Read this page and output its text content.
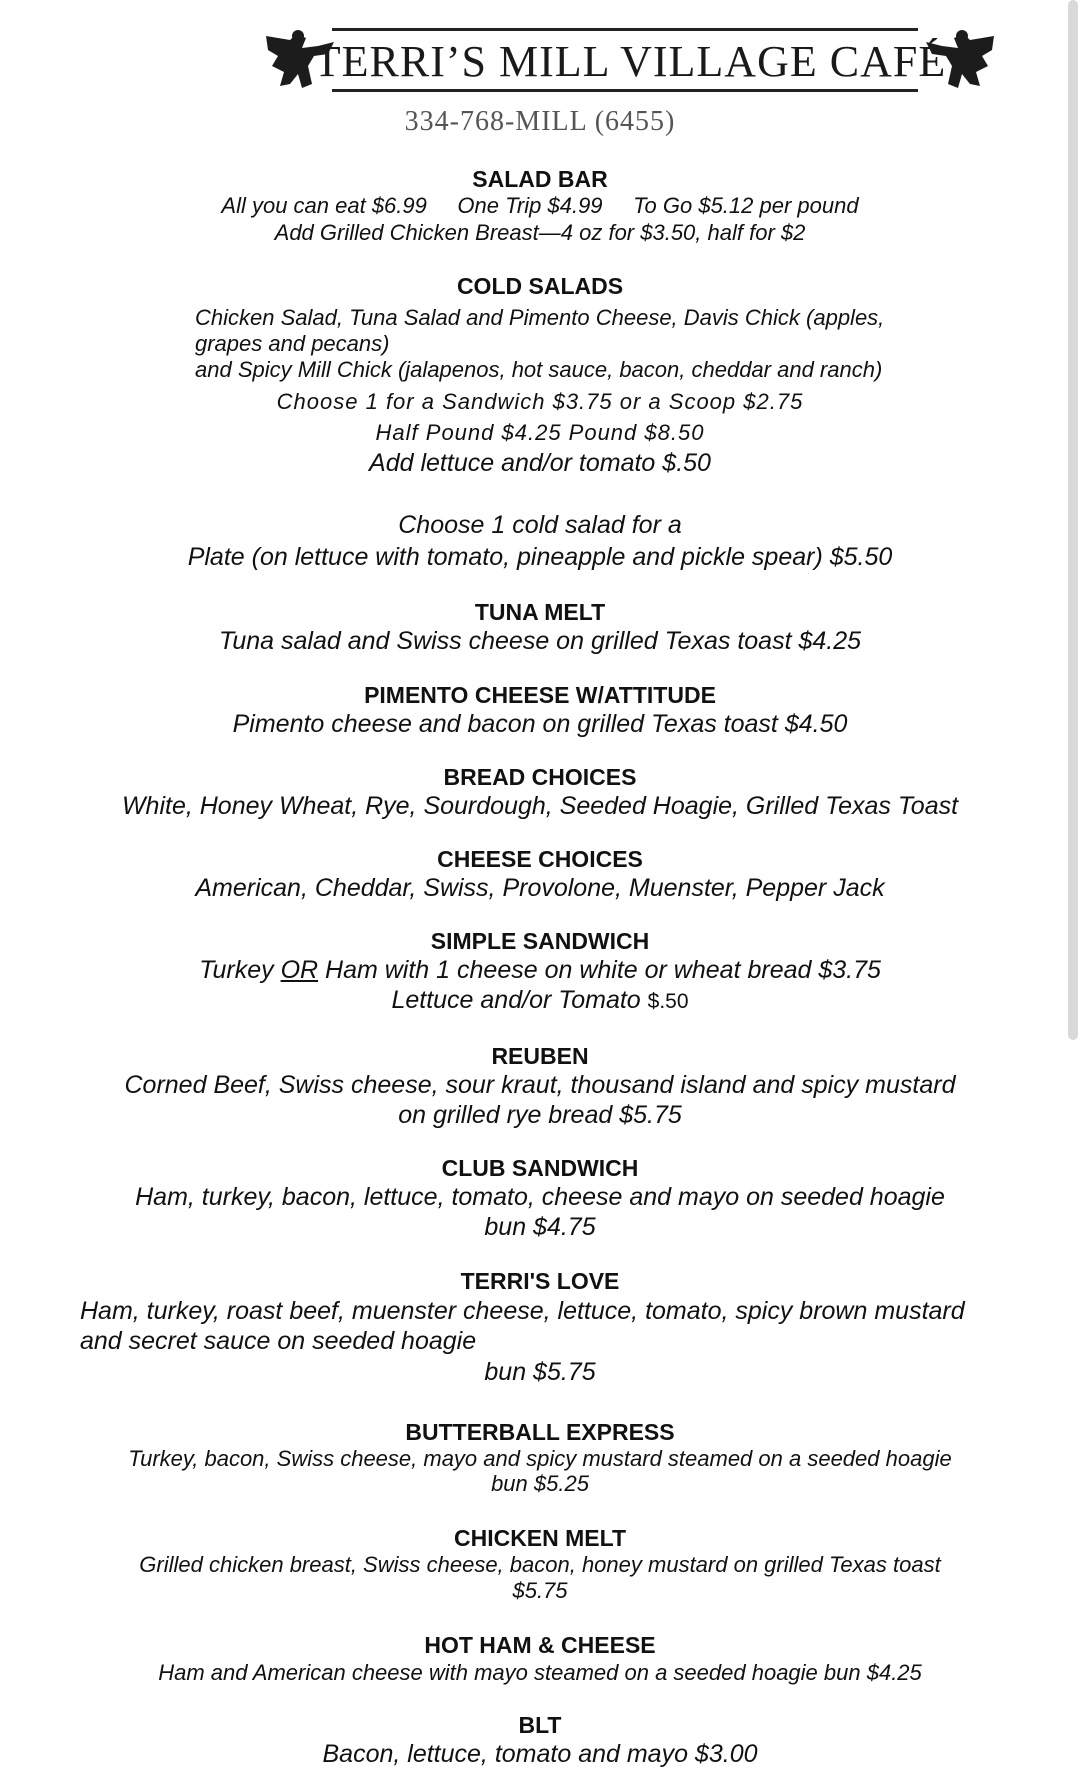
TERRI’S MILL VILLAGE CAFÉ
334-768-MILL (6455)
SALAD BAR
All you can eat $6.99     One Trip $4.99     To Go $5.12 per pound
Add Grilled Chicken Breast—4 oz for $3.50, half for $2
COLD SALADS
Chicken Salad, Tuna Salad and Pimento Cheese, Davis Chick (apples,
grapes and pecans)
and Spicy Mill Chick (jalapenos, hot sauce, bacon, cheddar and ranch)
Choose 1 for a Sandwich $3.75 or a Scoop $2.75
Half Pound $4.25 Pound $8.50
Add lettuce and/or tomato $.50
Choose 1 cold salad for a
Plate (on lettuce with tomato, pineapple and pickle spear) $5.50
TUNA MELT
Tuna salad and Swiss cheese on grilled Texas toast $4.25
PIMENTO CHEESE W/ATTITUDE
Pimento cheese and bacon on grilled Texas toast $4.50
BREAD CHOICES
White, Honey Wheat, Rye, Sourdough, Seeded Hoagie, Grilled Texas Toast
CHEESE CHOICES
American, Cheddar, Swiss, Provolone, Muenster, Pepper Jack
SIMPLE SANDWICH
Turkey OR Ham with 1 cheese on white or wheat bread $3.75
Lettuce and/or Tomato $.50
REUBEN
Corned Beef, Swiss cheese, sour kraut, thousand island and spicy mustard
on grilled rye bread $5.75
CLUB SANDWICH
Ham, turkey, bacon, lettuce, tomato, cheese and mayo on seeded hoagie
bun $4.75
TERRI'S LOVE
Ham, turkey, roast beef, muenster cheese, lettuce, tomato, spicy brown mustard
and secret sauce on seeded hoagie
bun $5.75
BUTTERBALL EXPRESS
Turkey, bacon, Swiss cheese, mayo and spicy mustard steamed on a seeded hoagie
bun $5.25
CHICKEN MELT
Grilled chicken breast, Swiss cheese, bacon, honey mustard on grilled Texas toast
$5.75
HOT HAM & CHEESE
Ham and American cheese with mayo steamed on a seeded hoagie bun $4.25
BLT
Bacon, lettuce, tomato and mayo $3.00
